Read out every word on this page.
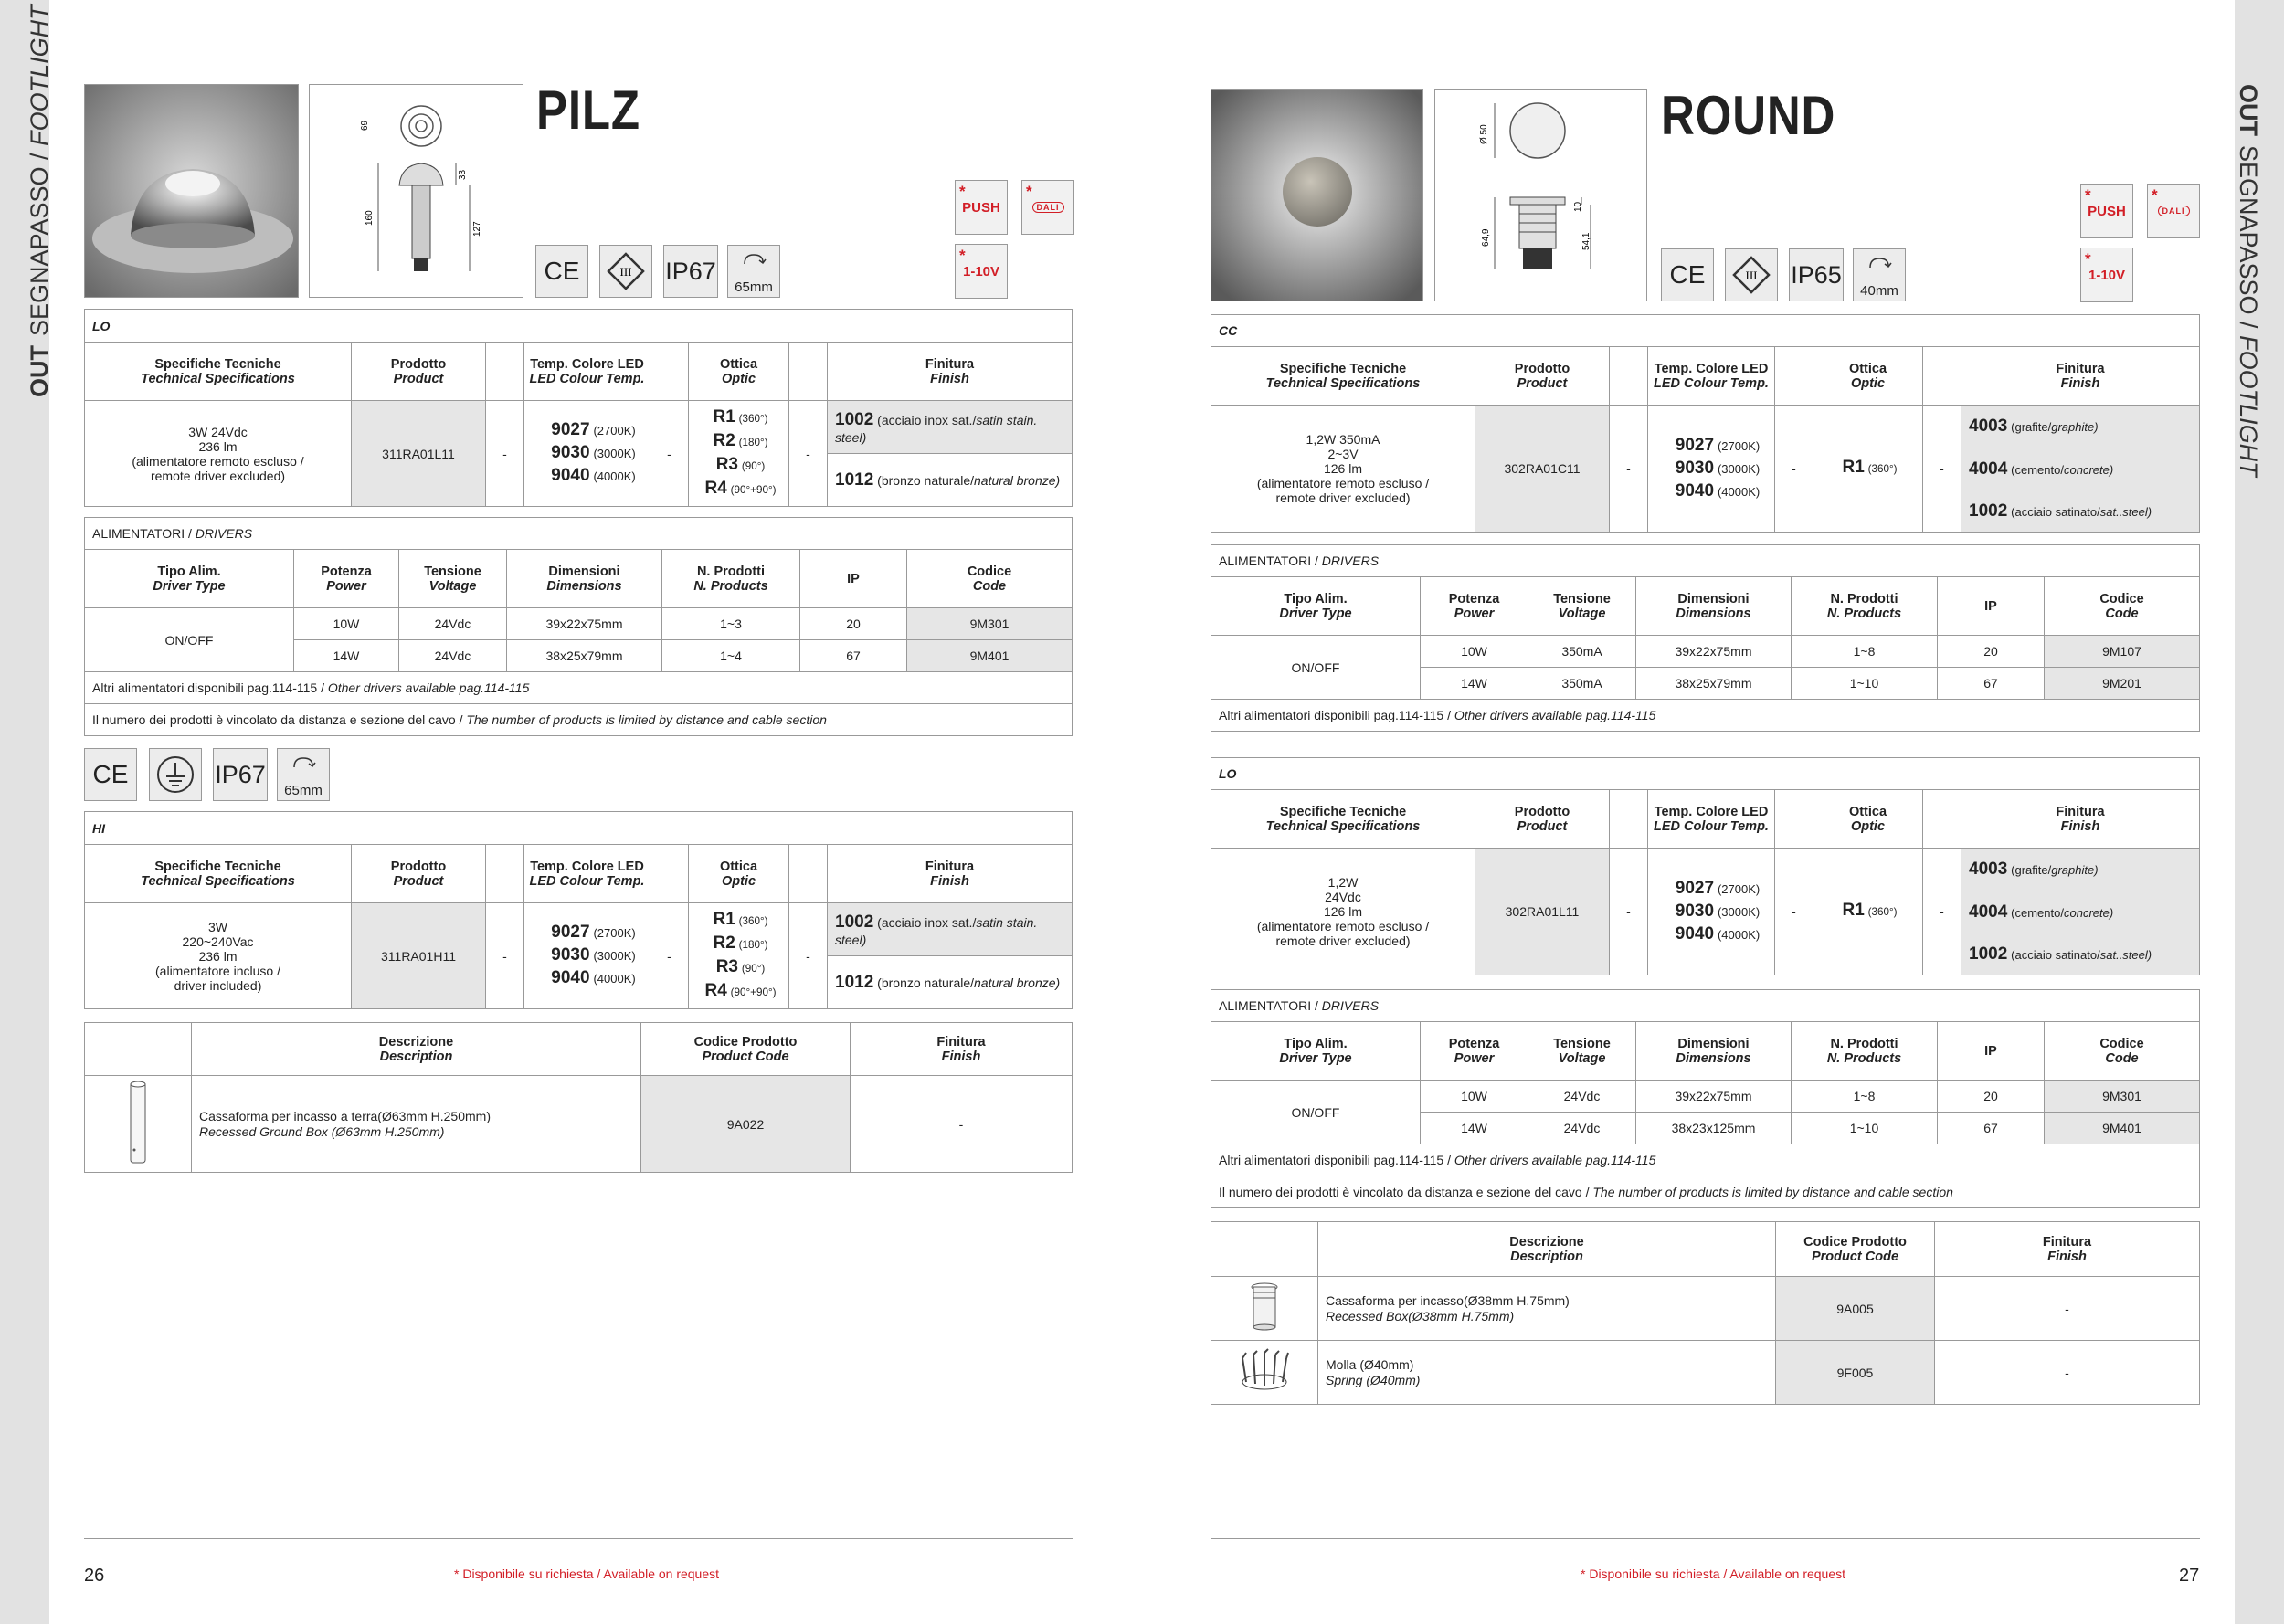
OUTSEGNAPASSO / FOOTLIGHT	OUTSEGNAPASSO / FOOTLIGHT
69
160
33
127
PILZ
CE	III IP67
65mm
*
PUSH
*
DALI
*
1-10V
LO							
Specifiche Tecniche
Technical Specifications	Prodotto
Product		Temp. Colore LED
LED Colour Temp.		Ottica
Optic		Finitura
Finish

3W 24Vdc
236 lm
(alimentatore remoto escluso /
remote driver excluded)	311RA01L11	-	9027 (2700K)
9030 (3000K)
9040 (4000K)	-	R1 (360°)
R2 (180°)
R3 (90°)
R4 (90°+90°)	-	1002 (acciaio inox sat./satin stain. steel)
							1012 (bronzo naturale/natural bronze)
ALIMENTATORI / DRIVERS						
Tipo Alim.
Driver Type	Potenza
Power	Tensione
Voltage	Dimensioni
Dimensions	N. Prodotti
N. Products	IP	Codice
Code

ON/OFF	10W	24Vdc	39x22x75mm	1~3	20	9M301
	14W	24Vdc	38x25x79mm	1~4	67	9M401
Altri alimentatori disponibili pag.114-115 / Other drivers available pag.114-115						
Il numero dei prodotti è vincolato da distanza e sezione del cavo / The number of products is limited by distance and cable section						
CE	IP67
65mm
HI							
Specifiche Tecniche
Technical Specifications	Prodotto
Product		Temp. Colore LED
LED Colour Temp.		Ottica
Optic		Finitura
Finish

3W
220~240Vac
236 lm
(alimentatore incluso /
driver included)	311RA01H11	-	9027 (2700K)
9030 (3000K)
9040 (4000K)	-	R1 (360°)
R2 (180°)
R3 (90°)
R4 (90°+90°)	-	1002 (acciaio inox sat./satin stain. steel)
							1012 (bronzo naturale/natural bronze)
	Descrizione
Description	Codice Prodotto
Product Code	Finitura
Finish

	Cassaforma per incasso a terra(Ø63mm H.250mm)
Recessed Ground Box (Ø63mm H.250mm)	9A022	-
26	* Disponibile su richiesta / Available on request
Ø 50
64,9
10
54,1
ROUND
CE	III IP65
40mm
*
PUSH
*
DALI
*
1-10V
CC							
Specifiche Tecniche
Technical Specifications	Prodotto
Product		Temp. Colore LED
LED Colour Temp.		Ottica
Optic		Finitura
Finish

1,2W 350mA
2~3V
126 lm
(alimentatore remoto escluso /
remote driver excluded)	302RA01C11	-	9027 (2700K)
9030 (3000K)
9040 (4000K)	-	R1 (360°)	-	4003 (grafite/graphite)
							4004 (cemento/concrete)
							1002 (acciaio satinato/sat..steel)
ALIMENTATORI / DRIVERS						
Tipo Alim.
Driver Type	Potenza
Power	Tensione
Voltage	Dimensioni
Dimensions	N. Prodotti
N. Products	IP	Codice
Code

ON/OFF	10W	350mA	39x22x75mm	1~8	20	9M107
	14W	350mA	38x25x79mm	1~10	67	9M201
Altri alimentatori disponibili pag.114-115 / Other drivers available pag.114-115						
LO							
Specifiche Tecniche
Technical Specifications	Prodotto
Product		Temp. Colore LED
LED Colour Temp.		Ottica
Optic		Finitura
Finish

1,2W
24Vdc
126 lm
(alimentatore remoto escluso /
remote driver excluded)	302RA01L11	-	9027 (2700K)
9030 (3000K)
9040 (4000K)	-	R1 (360°)	-	4003 (grafite/graphite)
							4004 (cemento/concrete)
							1002 (acciaio satinato/sat..steel)
ALIMENTATORI / DRIVERS						
Tipo Alim.
Driver Type	Potenza
Power	Tensione
Voltage	Dimensioni
Dimensions	N. Prodotti
N. Products	IP	Codice
Code

ON/OFF	10W	24Vdc	39x22x75mm	1~8	20	9M301
	14W	24Vdc	38x23x125mm	1~10	67	9M401
Altri alimentatori disponibili pag.114-115 / Other drivers available pag.114-115						
Il numero dei prodotti è vincolato da distanza e sezione del cavo / The number of products is limited by distance and cable section						
	Descrizione
Description	Codice Prodotto
Product Code	Finitura
Finish

	Cassaforma per incasso(Ø38mm H.75mm)
Recessed Box(Ø38mm H.75mm)	9A005	-
	Molla (Ø40mm)
Spring (Ø40mm)	9F005	-
* Disponibile su richiesta / Available on request	27
